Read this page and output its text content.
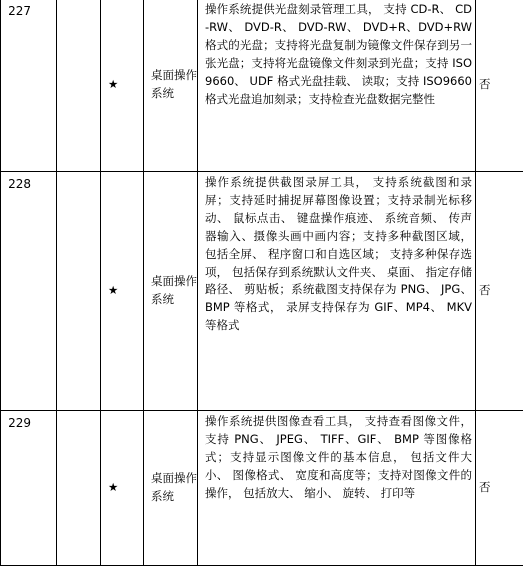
227		★	桌面操作系统	操作系统提供光盘刻录管理工具， 支持 CD-R、 CD-RW、 DVD-R、 DVD-RW、 DVD+R、DVD+RW 格式的光盘；支持将光盘复制为镜像文件保存到另一张光盘；支持将光盘镜像文件刻录到光盘；支持 ISO9660、 UDF 格式光盘挂载、 读取；支持 ISO9660 格式光盘追加刻录；支持检查光盘数据完整性	否

228		★	桌面操作系统	操作系统提供截图录屏工具， 支持系统截图和录屏；支持延时捕捉屏幕图像设置；支持录制光标移动、 鼠标点击、 键盘操作痕迹、 系统音频、 传声器输入、摄像头画中画内容；支持多种截图区域， 包括全屏、 程序窗口和自选区域； 支持多种保存选项， 包括保存到系统默认文件夹、 桌面、 指定存储路径、 剪贴板；系统截图支持保存为 PNG、 JPG、BMP 等格式， 录屏支持保存为 GIF、MP4、 MKV等格式	否

229		★	桌面操作系统	操作系统提供图像查看工具， 支持查看图像文件， 支持 PNG、 JPEG、 TIFF、GIF、 BMP 等图像格式；支持显示图像文件的基本信息， 包括文件大小、 图像格式、 宽度和高度等；支持对图像文件的操作， 包括放大、 缩小、 旋转、 打印等	否
